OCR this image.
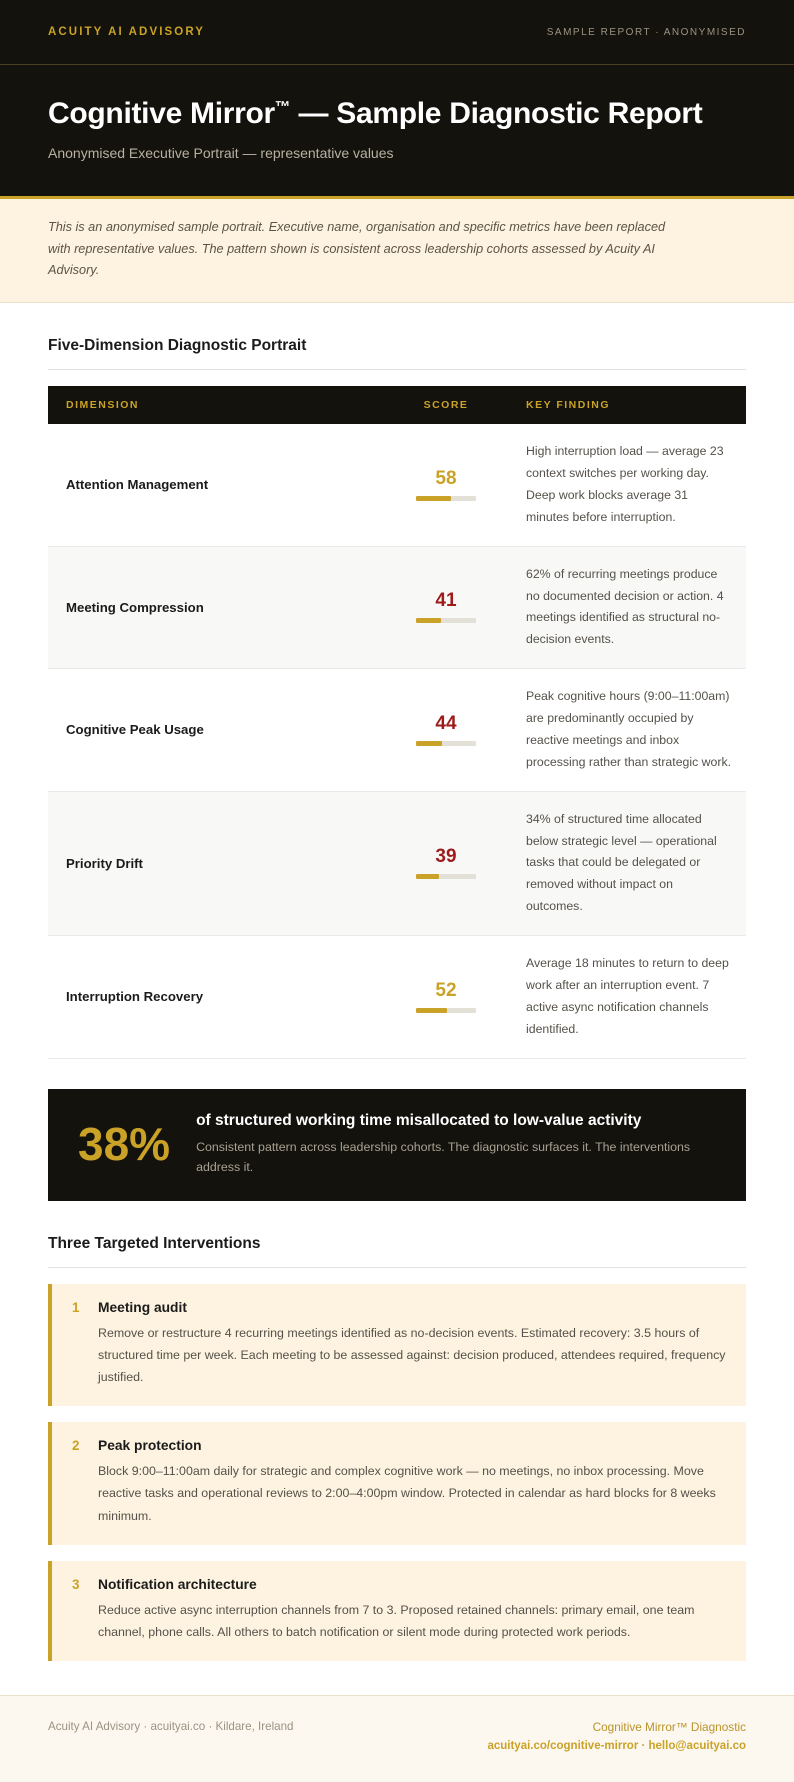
ACUITY AI ADVISORY	SAMPLE REPORT · ANONYMISED
Cognitive Mirror™ — Sample Diagnostic Report

Anonymised Executive Portrait — representative values

This is an anonymised sample portrait. Executive name, organisation and specific metrics have been replaced with representative values. The pattern shown is consistent across leadership cohorts assessed by Acuity AI Advisory.

Five-Dimension Diagnostic Portrait
DIMENSION	SCORE	KEY FINDING
Attention Management	58	High interruption load — average 23 context switches per working day. Deep work blocks average 31 minutes before interruption.
Meeting Compression	41	62% of recurring meetings produce no documented decision or action. 4 meetings identified as structural no-decision events.
Cognitive Peak Usage	44	Peak cognitive hours (9:00–11:00am) are predominantly occupied by reactive meetings and inbox processing rather than strategic work.
Priority Drift	39	34% of structured time allocated below strategic level — operational tasks that could be delegated or removed without impact on outcomes.
Interruption Recovery	52	Average 18 minutes to return to deep work after an interruption event. 7 active async notification channels identified.
38% of structured working time misallocated to low-value activity
Consistent pattern across leadership cohorts. The diagnostic surfaces it. The interventions address it.
Three Targeted Interventions
1	Meeting audit
Remove or restructure 4 recurring meetings identified as no-decision events. Estimated recovery: 3.5 hours of structured time per week. Each meeting to be assessed against: decision produced, attendees required, frequency justified.
2	Peak protection
Block 9:00–11:00am daily for strategic and complex cognitive work — no meetings, no inbox processing. Move reactive tasks and operational reviews to 2:00–4:00pm window. Protected in calendar as hard blocks for 8 weeks minimum.
3	Notification architecture
Reduce active async interruption channels from 7 to 3. Proposed retained channels: primary email, one team channel, phone calls. All others to batch notification or silent mode during protected work periods.
Acuity AI Advisory · acuityai.co · Kildare, Ireland	Cognitive Mirror™ Diagnostic
acuityai.co/cognitive-mirror · hello@acuityai.co
